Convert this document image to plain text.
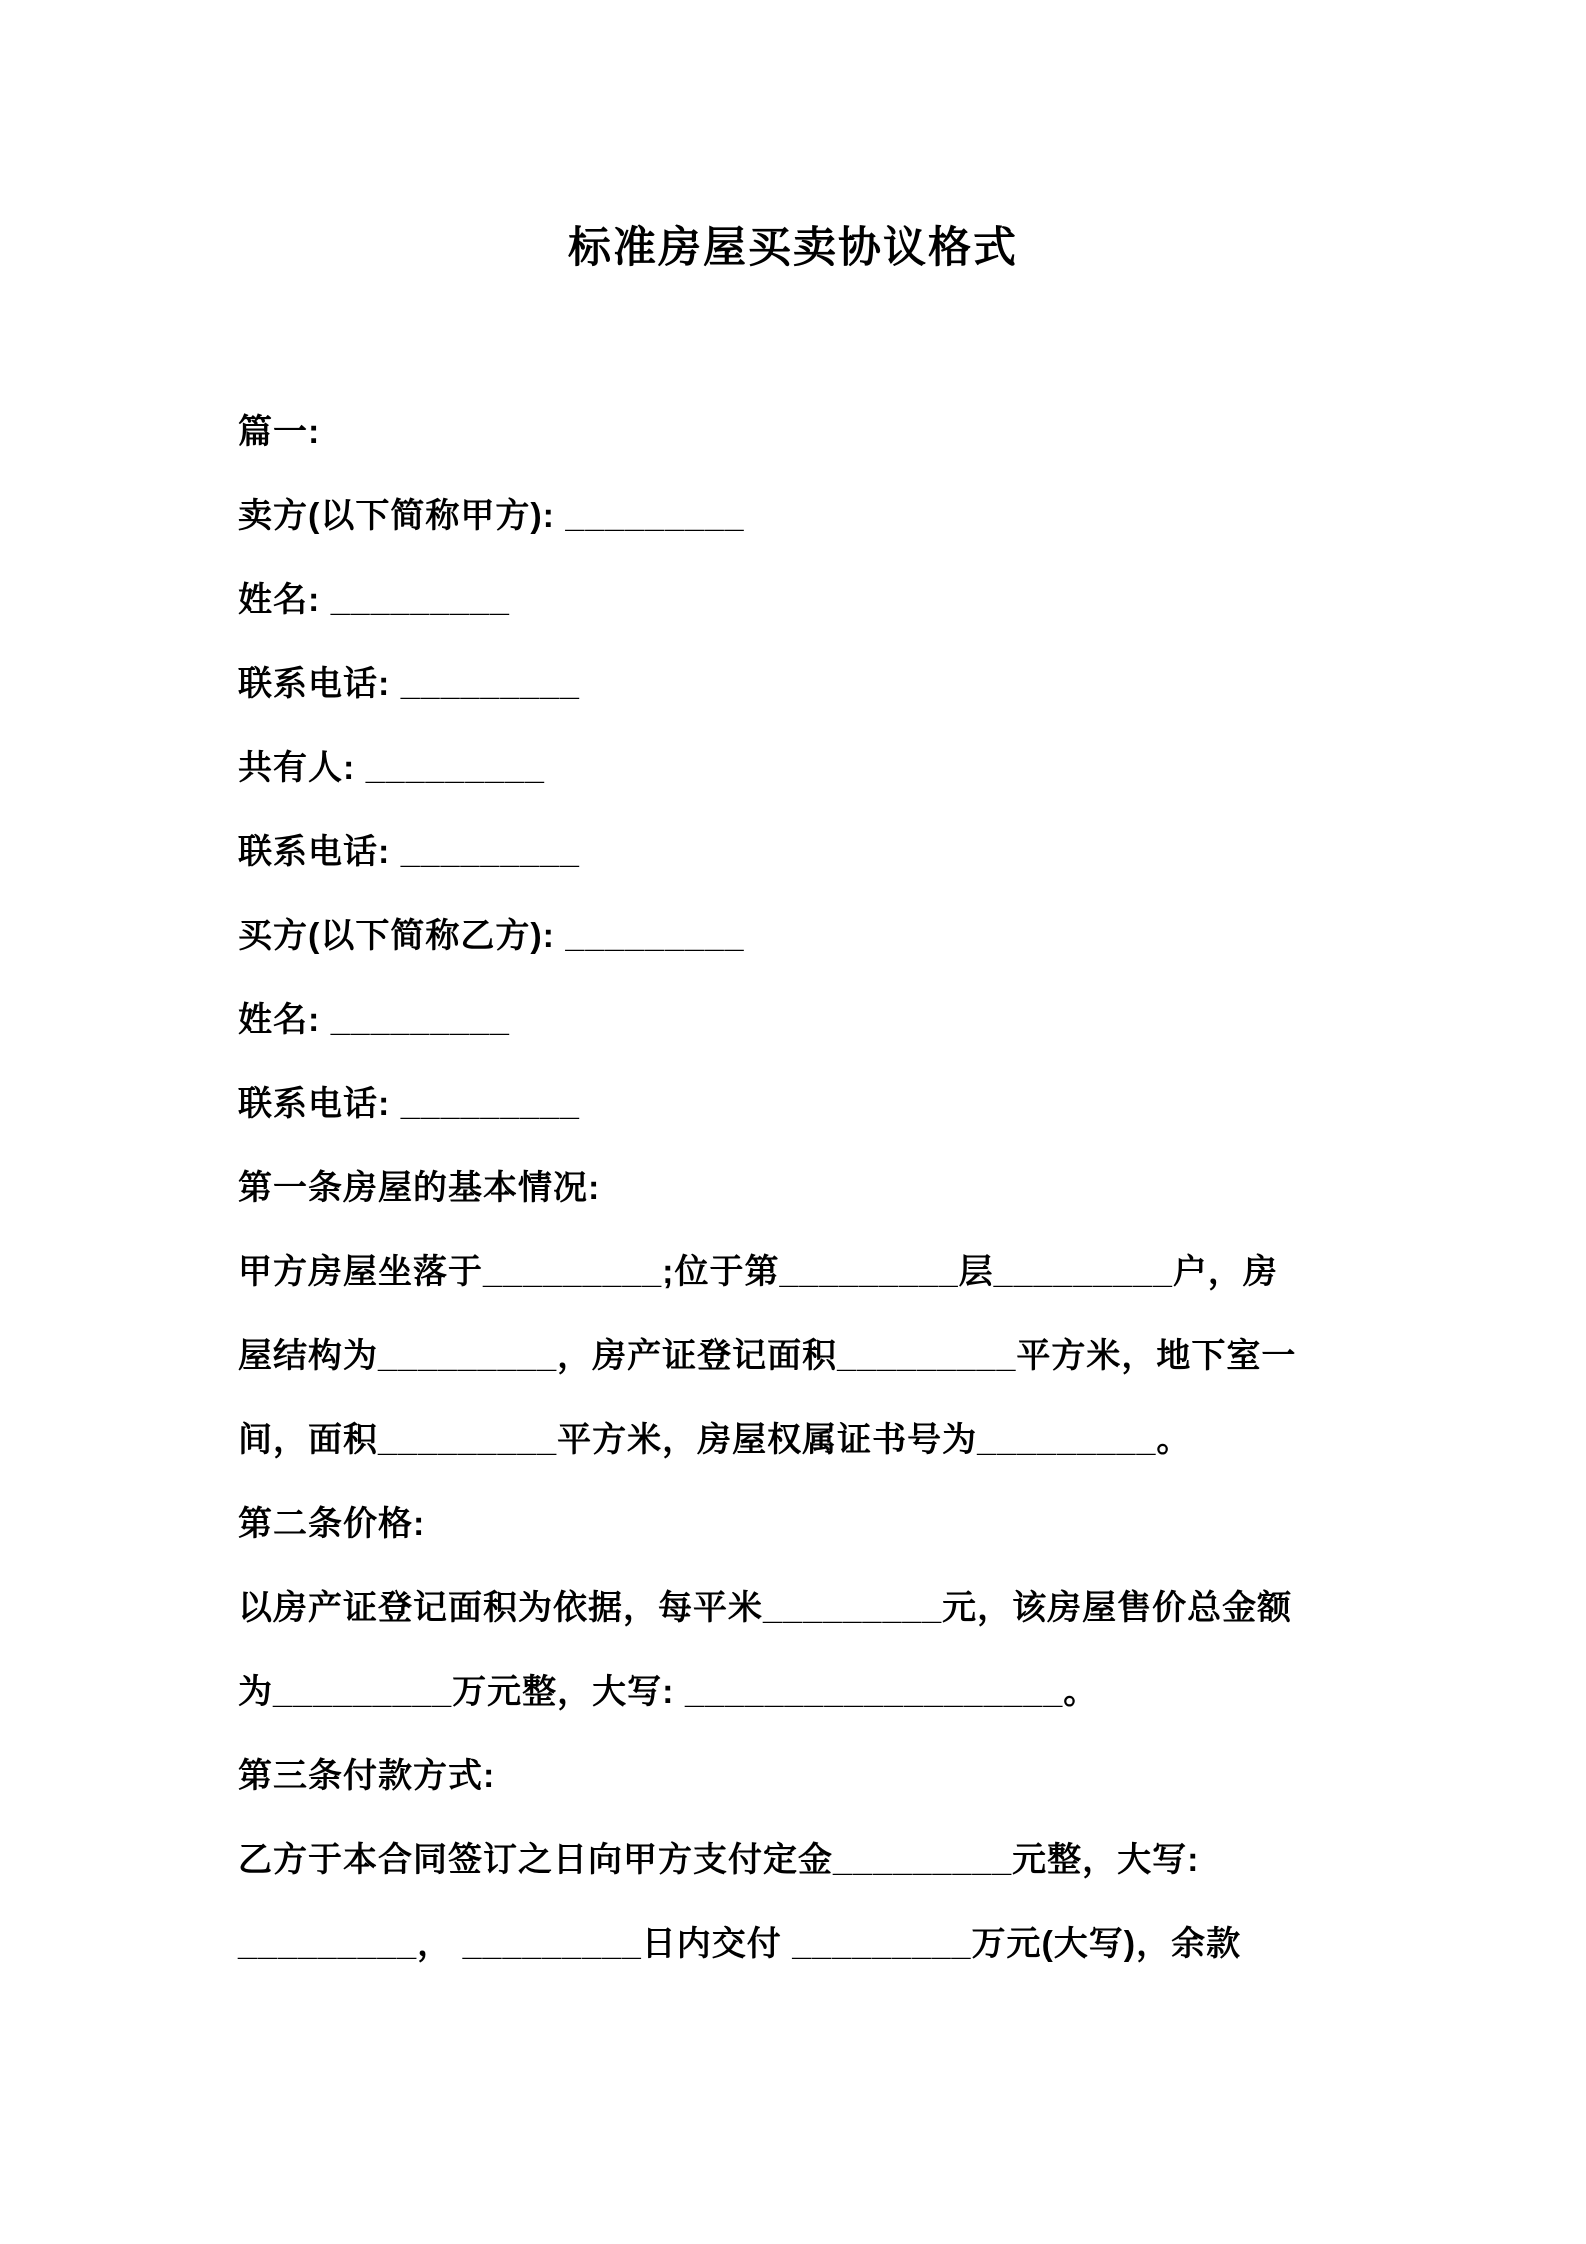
标准房屋买卖协议格式
篇一:
卖方(以下简称甲方): _________
姓名: _________
联系电话: _________
共有人: _________
联系电话: _________
买方(以下简称乙方): _________
姓名: _________
联系电话: _________
第一条房屋的基本情况:
甲方房屋坐落于_________;位于第_________层_________户，房
屋结构为_________，房产证登记面积_________平方米，地下室一
间，面积_________平方米，房屋权属证书号为_________。
第二条价格:
以房产证登记面积为依据，每平米_________元，该房屋售价总金额
为_________万元整，大写: ___________________。
第三条付款方式:
乙方于本合同签订之日向甲方支付定金_________元整，大写:
_________， _________日内交付 _________万元(大写)，余款
